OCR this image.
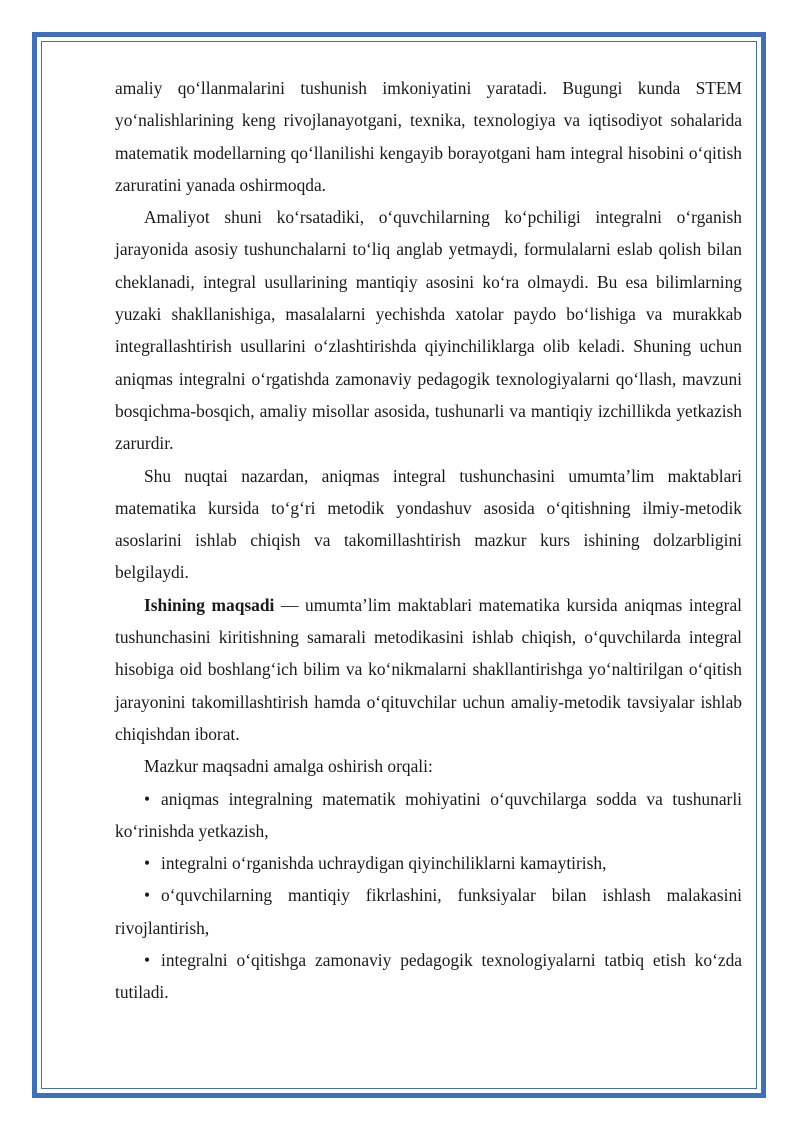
amaliy qo‘llanmalarini tushunish imkoniyatini yaratadi. Bugungi kunda STEM yo‘nalishlarining keng rivojlanayotgani, texnika, texnologiya va iqtisodiyot sohalarida matematik modellarning qo‘llanilishi kengayib borayotgani ham integral hisobini o‘qitish zaruratini yanada oshirmoqda.

Amaliyot shuni ko‘rsatadiki, o‘quvchilarning ko‘pchiligi integralni o‘rganish jarayonida asosiy tushunchalarni to‘liq anglab yetmaydi, formulalarni eslab qolish bilan cheklanadi, integral usullarining mantiqiy asosini ko‘ra olmaydi. Bu esa bilimlarning yuzaki shakllanishiga, masalalarni yechishda xatolar paydo bo‘lishiga va murakkab integrallashtirish usullarini o‘zlashtirishda qiyinchiliklarga olib keladi. Shuning uchun aniqmas integralni o‘rgatishda zamonaviy pedagogik texnologiyalarni qo‘llash, mavzuni bosqichma-bosqich, amaliy misollar asosida, tushunarli va mantiqiy izchillikda yetkazish zarurdir.

Shu nuqtai nazardan, aniqmas integral tushunchasini umumta’lim maktablari matematika kursida to‘g‘ri metodik yondashuv asosida o‘qitishning ilmiy-metodik asoslarini ishlab chiqish va takomillashtirish mazkur kurs ishining dolzarbligini belgilaydi.

Ishining maqsadi — umumta’lim maktablari matematika kursida aniqmas integral tushunchasini kiritishning samarali metodikasini ishlab chiqish, o‘quvchilarda integral hisobiga oid boshlang‘ich bilim va ko‘nikmalarni shakllantirishga yo‘naltirilgan o‘qitish jarayonini takomillashtirish hamda o‘qituvchilar uchun amaliy-metodik tavsiyalar ishlab chiqishdan iborat.

Mazkur maqsadni amalga oshirish orqali:

• aniqmas integralning matematik mohiyatini o‘quvchilarga sodda va tushunarli ko‘rinishda yetkazish,

• integralni o‘rganishda uchraydigan qiyinchiliklarni kamaytirish,

• o‘quvchilarning mantiqiy fikrlashini, funksiyalar bilan ishlash malakasini rivojlantirish,

• integralni o‘qitishga zamonaviy pedagogik texnologiyalarni tatbiq etish ko‘zda tutiladi.
